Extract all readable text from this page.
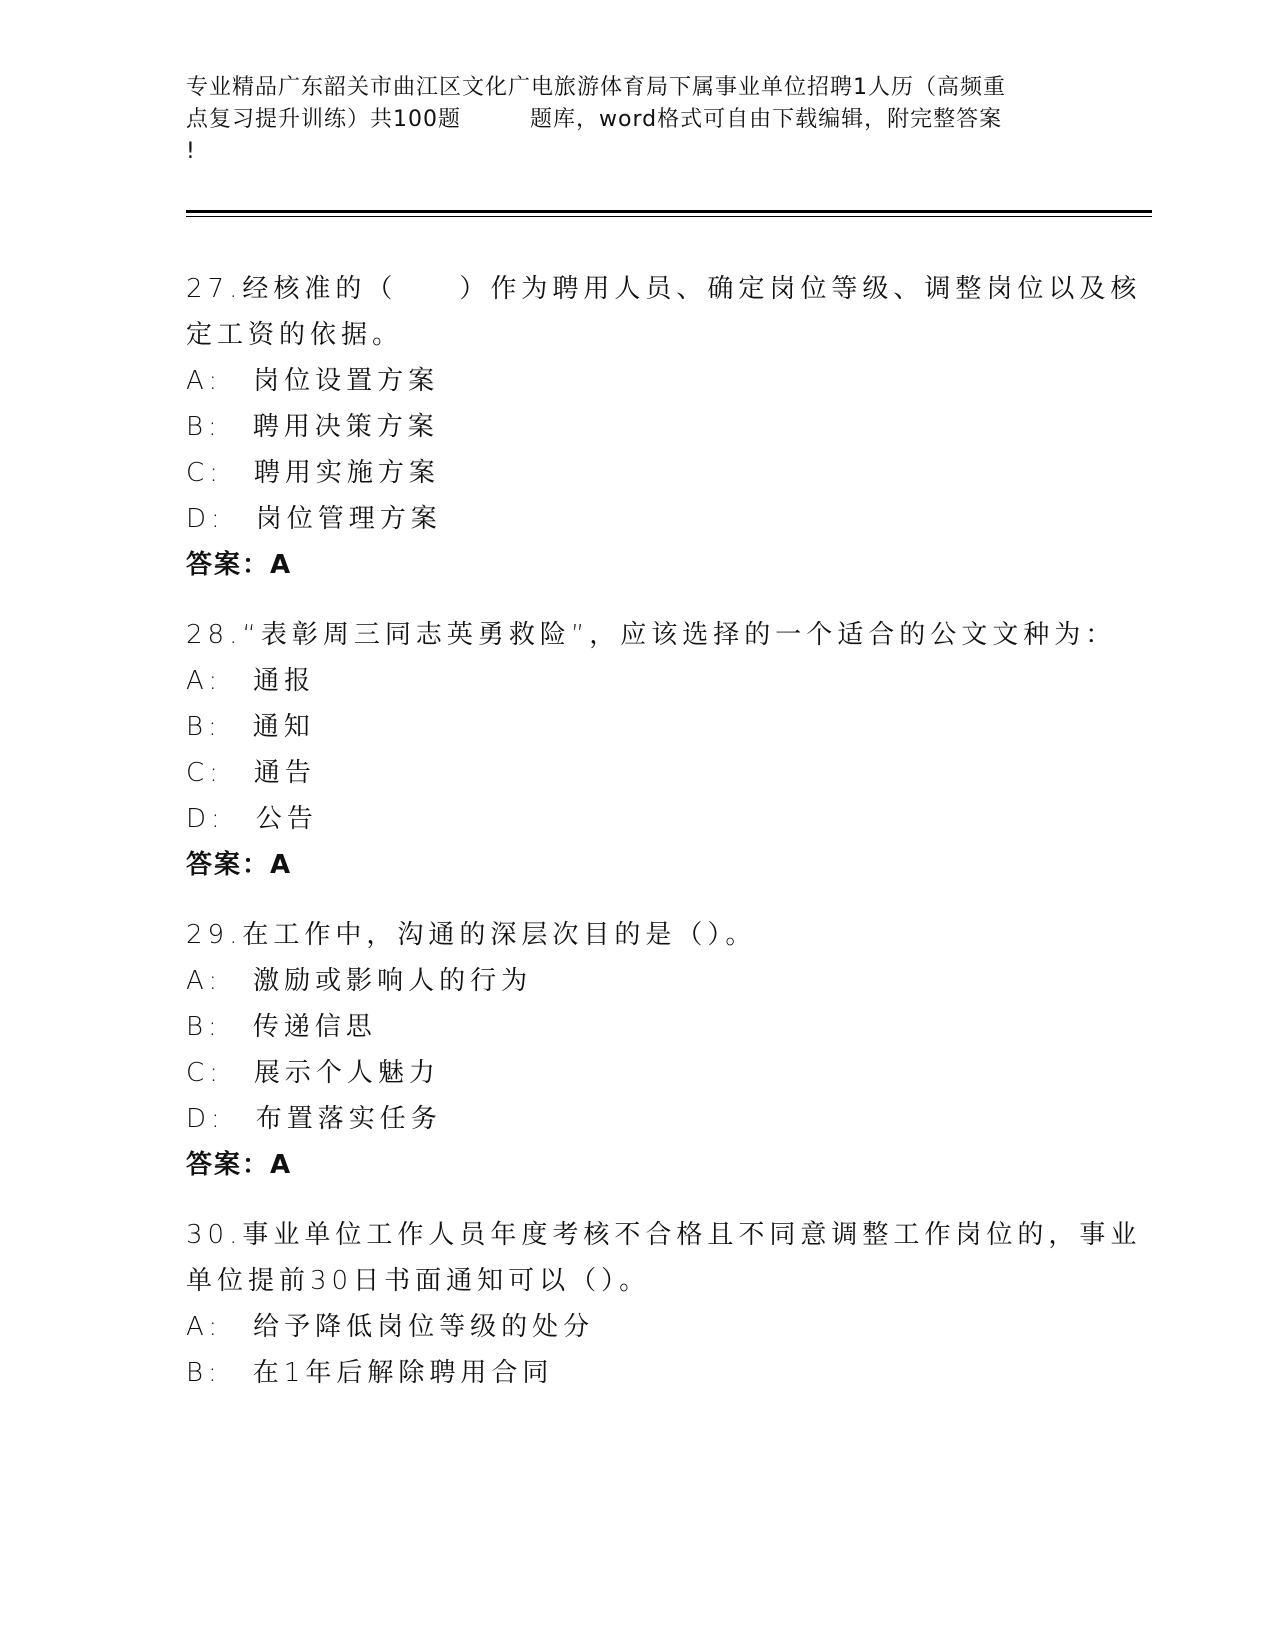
专业精品广东韶关市曲江区文化广电旅游体育局下属事业单位招聘1人历（高频重
点复习提升训练）共100题　　　题库，word格式可自由下载编辑，附完整答案
!
27.经核准的（　　）作为聘用人员、确定岗位等级、调整岗位以及核
定工资的依据。
A:　岗位设置方案
B:　聘用决策方案
C:　聘用实施方案
D:　岗位管理方案
答案：A
28.“表彰周三同志英勇救险”，应该选择的一个适合的公文文种为：
A:　通报
B:　通知
C:　通告
D:　公告
答案：A
29.在工作中，沟通的深层次目的是（）。
A:　激励或影响人的行为
B:　传递信思
C:　展示个人魅力
D:　布置落实任务
答案：A
30.事业单位工作人员年度考核不合格且不同意调整工作岗位的，事业
单位提前30日书面通知可以（）。
A:　给予降低岗位等级的处分
B:　在1年后解除聘用合同
